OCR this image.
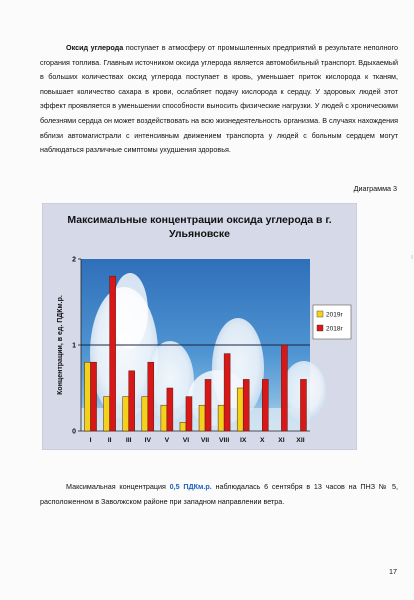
Оксид углерода поступает в атмосферу от промышленных предприятий в результате неполного сгорания топлива. Главным источником оксида углерода является автомобильный транспорт. Вдыхаемый в больших количествах оксид углерода поступает в кровь, уменьшает приток кислорода к тканям, повышает количество сахара в крови, ослабляет подачу кислорода к сердцу. У здоровых людей этот эффект проявляется в уменьшении способности выносить физические нагрузки. У людей с хроническими болезнями сердца он может воздействовать на всю жизнедеятельность организма. В случаях нахождения вблизи автомагистрали с интенсивным движением транспорта у людей с больным сердцем могут наблюдаться различные симптомы ухудшения здоровья.

Диаграмма 3
0
1
2
Концентрации, в ед. ПДКм.р.
I II III IV V VI VII VIII IX X XI XII
2019г
2018г
Максимальные концентрации оксида углерода в г. Ульяновске

Максимальная концентрация 0,5 ПДКм.р. наблюдалась 6 сентября в 13 часов на ПНЗ № 5, расположенном в Заволжском районе при западном направлении ветра.

17
